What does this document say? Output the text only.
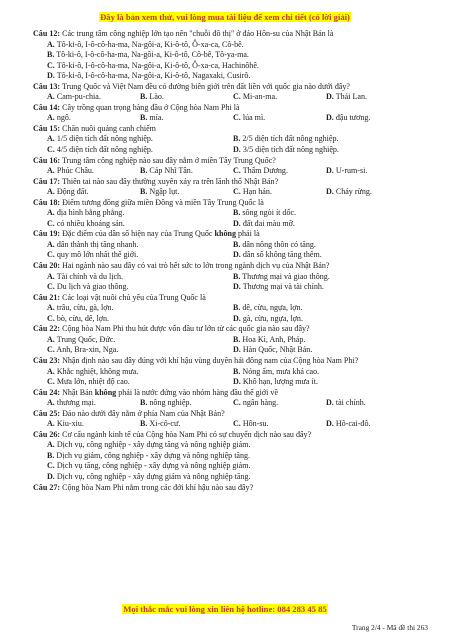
Đây là bản xem thử, vui lòng mua tài liệu để xem chi tiết (có lời giải)
Câu 12: Các trung tâm công nghiệp lớn tạo nên "chuỗi đô thị" ở đảo Hôn-su của Nhật Bản là
A. Tô-ki-ô, I-ô-cô-ha-ma, Na-gôi-a, Ki-ô-tô, Ô-xa-ca, Cô-bê.
B. Tô-ki-ô, I-ô-cô-ha-ma, Na-gôi-a, Ki-ô-tô, Cô-bê, Tô-ya-ma.
C. Tô-ki-ô, I-ô-cô-ha-ma, Na-gôi-a, Ki-ô-tô, Ô-xa-ca, Hachinôhê.
D. Tô-ki-ô, I-ô-cô-ha-ma, Na-gôi-a, Ki-ô-tô, Nagaxaki, Cusirô.
Câu 13: Trung Quốc và Việt Nam đều có đường biên giới trên đất liền với quốc gia nào dưới đây?
A. Cam-pu-chia.	B. Lào.	C. Mi-an-ma.	D. Thái Lan.
Câu 14: Cây trồng quan trọng hàng đầu ở Cộng hòa Nam Phi là
A. ngô.	B. mía.	C. lúa mì.	D. đậu tương.
Câu 15: Chăn nuôi quảng canh chiếm
A. 1/5 diện tích đất nông nghiệp.	B. 2/5 diện tích đất nông nghiệp.
C. 4/5 diện tích đất nông nghiệp.	D. 3/5 diện tích đất nông nghiệp.
Câu 16: Trung tâm công nghiệp nào sau đây nằm ở miền Tây Trung Quốc?
A. Phúc Châu.	B. Cáp Nhĩ Tân.	C. Thẩm Dương.	D. U-rum-si.
Câu 17: Thiên tai nào sau đây thường xuyên xảy ra trên lãnh thổ Nhật Bản?
A. Động đất.	B. Ngập lụt.	C. Hạn hán.	D. Cháy rừng.
Câu 18: Điểm tương đồng giữa miền Đông và miền Tây Trung Quốc là
A. địa hình bằng phẳng.	B. sông ngòi ít dốc.
C. có nhiều khoáng sản.	D. đất đai màu mỡ.
Câu 19: Đặc điểm của dân số hiện nay của Trung Quốc không phải là
A. dân thành thị tăng nhanh.	B. dân nông thôn có tăng.
C. quy mô lớn nhất thế giới.	D. dân số không tăng thêm.
Câu 20: Hai ngành nào sau đây có vai trò hết sức to lớn trong ngành dịch vụ của Nhật Bản?
A. Tài chính và du lịch.	B. Thương mại và giao thông.
C. Du lịch và giao thông.	D. Thương mại và tài chính.
Câu 21: Các loại vật nuôi chủ yếu của Trung Quốc là
A. trâu, cừu, gà, lợn.	B. dê, cừu, ngựa, lợn.
C. bò, cừu, dê, lợn.	D. gà, cừu, ngựa, lợn.
Câu 22: Cộng hòa Nam Phi thu hút được vốn đầu tư lớn từ các quốc gia nào sau đây?
A. Trung Quốc, Đức.	B. Hoa Kì, Anh, Pháp.
C. Anh, Bra-xin, Nga.	D. Hàn Quốc, Nhật Bản.
Câu 23: Nhận định nào sau đây đúng với khí hậu vùng duyên hải đông nam của Cộng hòa Nam Phi?
A. Khắc nghiệt, không mưa.	B. Nóng ẩm, mưa khá cao.
C. Mưa lớn, nhiệt độ cao.	D. Khô hạn, lượng mưa ít.
Câu 24: Nhật Bản không phải là nước đứng vào nhóm hàng đầu thế giới về
A. thương mại.	B. nông nghiệp.	C. ngân hàng.	D. tài chính.
Câu 25: Đảo nào dưới đây nằm ở phía Nam của Nhật Bản?
A. Kiu-xiu.	B. Xi-cô-cư.	C. Hôn-su.	D. Hô-cai-đô.
Câu 26: Cơ cấu ngành kinh tế của Cộng hòa Nam Phi có sự chuyển dịch nào sau đây?
A. Dịch vụ, công nghiệp - xây dựng tăng và nông nghiệp giảm.
B. Dịch vụ giảm, công nghiệp - xây dựng và nông nghiệp tăng.
C. Dịch vụ tăng, công nghiệp - xây dựng và nông nghiệp giảm.
D. Dịch vụ, công nghiệp - xây dựng giảm và nông nghiệp tăng.
Câu 27: Cộng hòa Nam Phi nằm trong các đới khí hậu nào sau đây?
Mọi thắc mắc vui lòng xin liên hệ hotline: 084 283 45 85
Trang 2/4 - Mã đề thi 263
